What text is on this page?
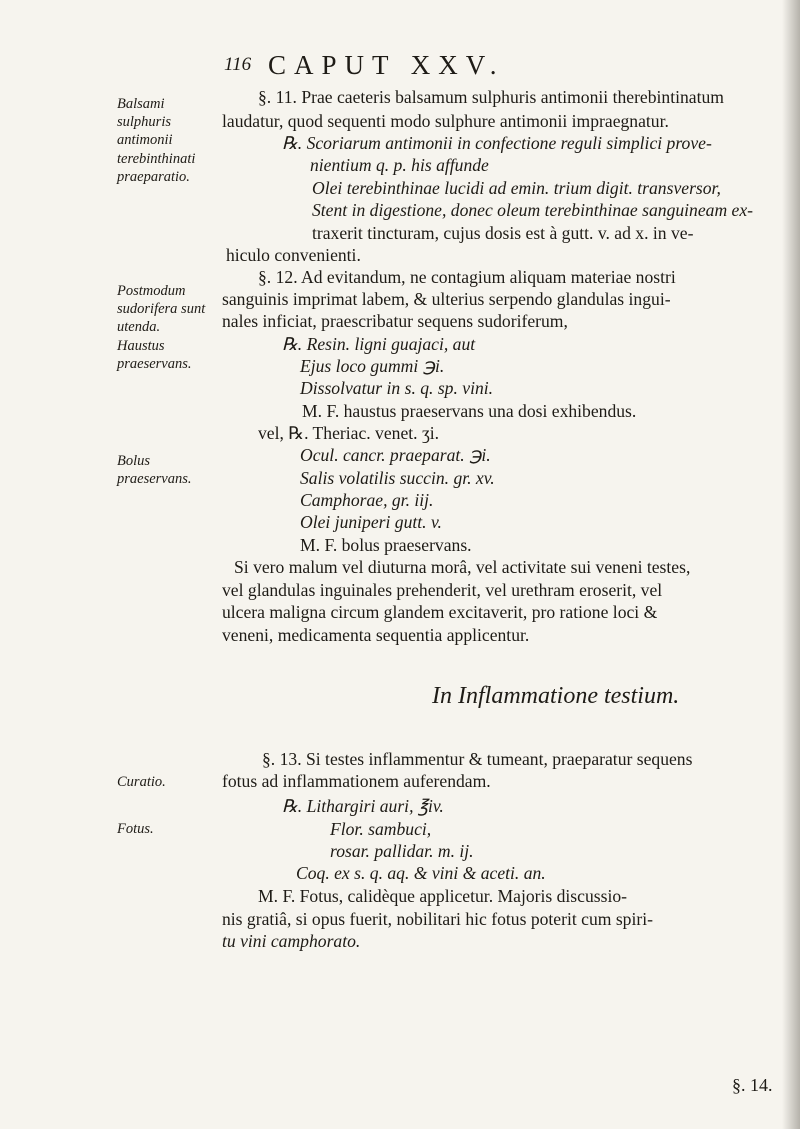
116 CAPUT XXV.
Balsami sulphuris antimonii terebinthinati praeparatio.
Postmodum sudorifera sunt utenda. Haustus praeservans.
Bolus praeservans.
Curatio.
Fotus.
§. 11. Prae caeteris balsamum sulphuris antimonii therebintinatum
laudatur, quod sequenti modo sulphure antimonii impraegnatur.
℞. Scoriarum antimonii in confectione reguli simplici prove-
nientium q. p. his affunde
Olei terebinthinae lucidi ad emin. trium digit. transversor,
Stent in digestione, donec oleum terebinthinae sanguineam ex-
traxerit tincturam, cujus dosis est à gutt. v. ad x. in ve-
hiculo convenienti.
§. 12. Ad evitandum, ne contagium aliquam materiae nostri
sanguinis imprimat labem, & ulterius serpendo glandulas ingui-
nales inficiat, praescribatur sequens sudoriferum,
℞. Resin. ligni guajaci, aut
Ejus loco gummi ℈i.
Dissolvatur in s. q. sp. vini.
M. F. haustus praeservans una dosi exhibendus.
vel, ℞. Theriac. venet. ʒi.
Ocul. cancr. praeparat. ℈i.
Salis volatilis succin. gr. xv.
Camphorae, gr. iij.
Olei juniperi gutt. v.
M. F. bolus praeservans.
Si vero malum vel diuturna morâ, vel activitate sui veneni testes,
vel glandulas inguinales prehenderit, vel urethram eroserit, vel
ulcera maligna circum glandem excitaverit, pro ratione loci &
veneni, medicamenta sequentia applicentur.
In Inflammatione testium.
§. 13. Si testes inflammentur & tumeant, praeparatur sequens
fotus ad inflammationem auferendam.
℞. Lithargiri auri, ℥iv.
Flor. sambuci,
rosar. pallidar. m. ij.
Coq. ex s. q. aq. & vini & aceti. an.
M. F. Fotus, calidèque applicetur. Majoris discussio-
nis gratiâ, si opus fuerit, nobilitari hic fotus poterit cum spiri-
tu vini camphorato.
§. 14.
